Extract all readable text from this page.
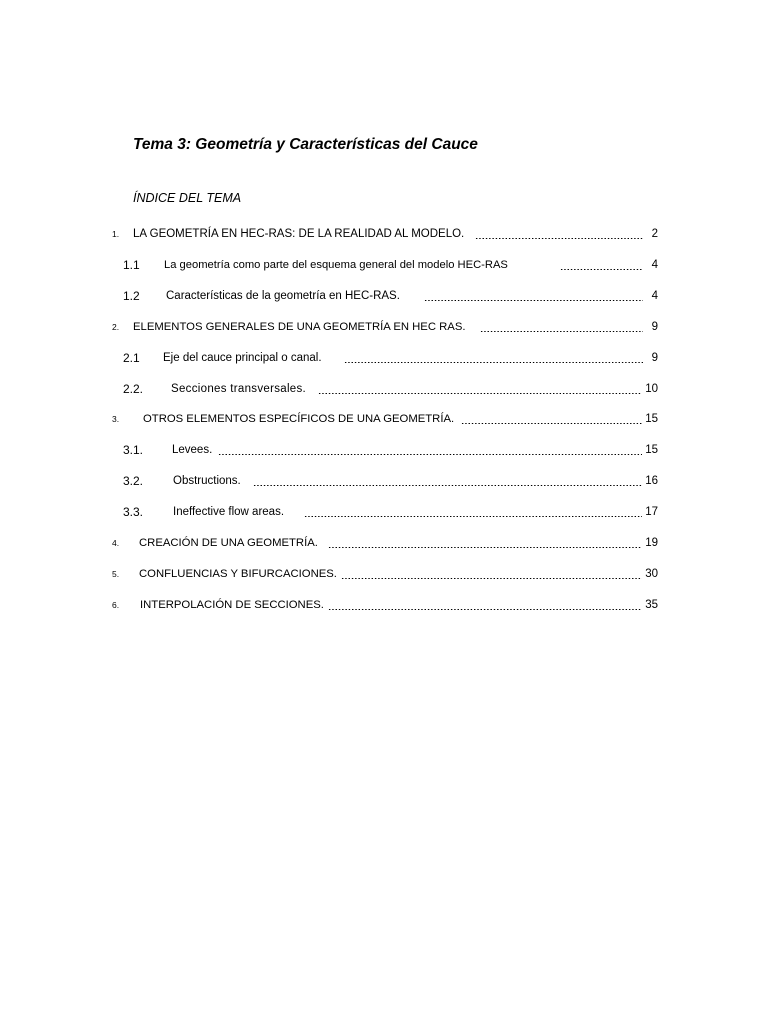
Tema 3: Geometría y Características del Cauce
ÍNDICE DEL TEMA
1. LA GEOMETRÍA EN HEC-RAS: DE LA REALIDAD AL MODELO.	2
1.1 La geometría como parte del esquema general del modelo HEC-RAS	4
1.2 Características de la geometría en HEC-RAS.	4
2. ELEMENTOS GENERALES DE UNA GEOMETRÍA EN HEC RAS.	9
2.1 Eje del cauce principal o canal.	9
2.2. Secciones transversales.	10
3. OTROS ELEMENTOS ESPECÍFICOS DE UNA GEOMETRÍA.	15
3.1.	Levees.	15
3.2.	Obstructions.	16
3.3.	Ineffective flow areas.	17
4. CREACIÓN DE UNA GEOMETRÍA.	19
5. CONFLUENCIAS Y BIFURCACIONES.	30
6. INTERPOLACIÓN DE SECCIONES.	35
